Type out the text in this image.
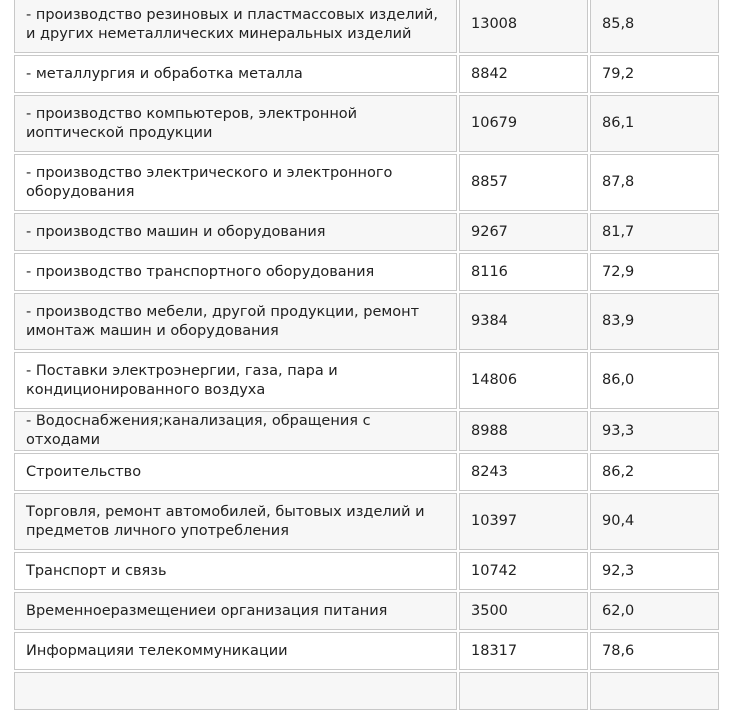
- производство резиновых и пластмассовых изделий, и других неметаллических минеральных изделий	13008	85,8
- металлургия и обработка металла	8842	79,2
- производство компьютеров, электронной иоптической продукции	10679	86,1
- производство электрического и электронного оборудования	8857	87,8
- производство машин и оборудования	9267	81,7
- производство транспортного оборудования	8116	72,9
- производство мебели, другой продукции, ремонт имонтаж машин и оборудования	9384	83,9
- Поставки электроэнергии, газа, пара и кондиционированного воздуха	14806	86,0
- Водоснабжения;канализация, обращения с отходами	8988	93,3
Строительство	8243	86,2
Торговля, ремонт автомобилей, бытовых изделий и предметов личного употребления	10397	90,4
Транспорт и связь	10742	92,3
Временноеразмещениеи организация питания	3500	62,0
Информацияи телекоммуникации	18317	78,6
